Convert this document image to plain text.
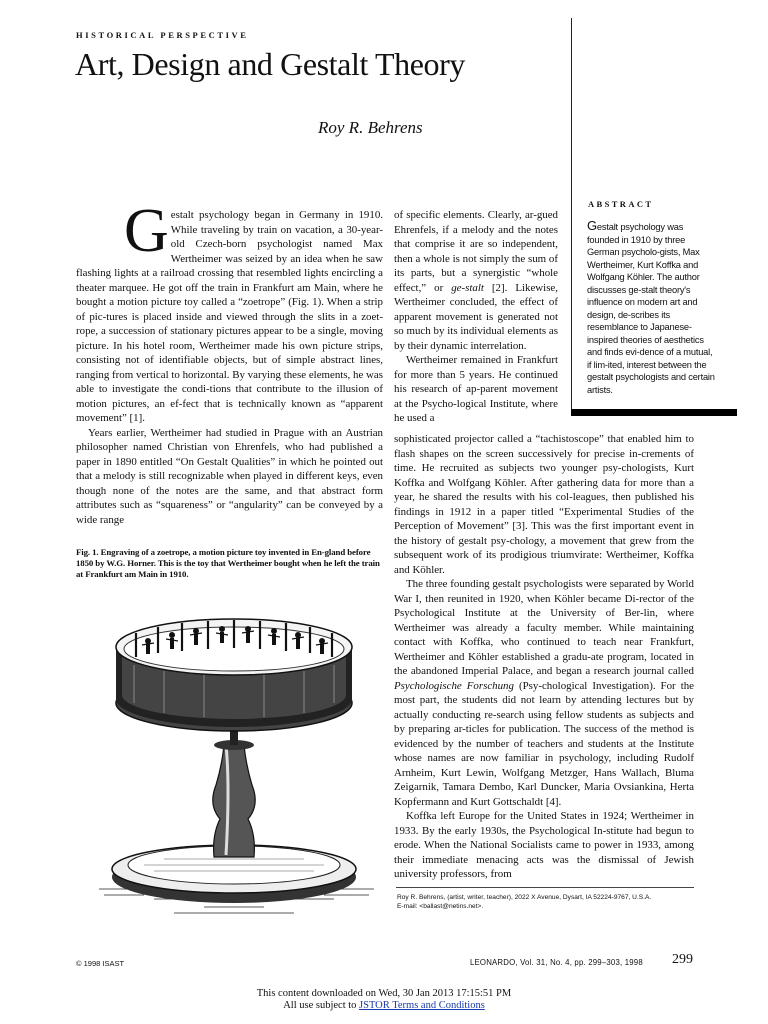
HISTORICAL PERSPECTIVE
Art, Design and Gestalt Theory
Roy R. Behrens
ABSTRACT
Gestalt psychology was founded in 1910 by three German psycholo-gists, Max Wertheimer, Kurt Koffka and Wolfgang Köhler. The author discusses ge-stalt theory's influence on modern art and design, de-scribes its resemblance to Japanese-inspired theories of aesthetics and finds evi-dence of a mutual, if lim-ited, interest between the gestalt psychologists and certain artists.

Gestalt psychology began in Germany in 1910. While traveling by train on vacation, a 30-year-old Czech-born psychologist named Max Wertheimer was seized by an idea when he saw flashing lights at a railroad crossing that resembled lights encircling a theater marquee. He got off the train in Frankfurt am Main, where he bought a motion picture toy called a “zoetrope” (Fig. 1). When a strip of pic-tures is placed inside and viewed through the slits in a zoet-rope, a succession of stationary pictures appear to be a single, moving picture. In his hotel room, Wertheimer made his own picture strips, consisting not of identifiable objects, but of simple abstract lines, ranging from vertical to horizontal. By varying these elements, he was able to investigate the condi-tions that contribute to the illusion of motion pictures, an ef-fect that is technically known as “apparent movement” [1].

Years earlier, Wertheimer had studied in Prague with an Austrian philosopher named Christian von Ehrenfels, who had published a paper in 1890 entitled “On Gestalt Qualities” in which he pointed out that a melody is still recognizable when played in different keys, even though none of the notes are the same, and that abstract form attributes such as “squareness” or “angularity” can be conveyed by a wide range

of specific elements. Clearly, ar-gued Ehrenfels, if a melody and the notes that comprise it are so independent, then a whole is not simply the sum of its parts, but a synergistic “whole effect,” or ge-stalt [2]. Likewise, Wertheimer concluded, the effect of apparent movement is generated not so much by its individual elements as by their dynamic interrelation.

Wertheimer remained in Frankfurt for more than 5 years. He continued his research of ap-parent movement at the Psycho-logical Institute, where he used a

sophisticated projector called a “tachistoscope” that enabled him to flash shapes on the screen successively for precise in-crements of time. He recruited as subjects two younger psy-chologists, Kurt Koffka and Wolfgang Köhler. After gathering data for more than a year, he shared the results with his col-leagues, then published his findings in 1912 in a paper titled “Experimental Studies of the Perception of Movement” [3]. This was the first important event in the history of gestalt psy-chology, a movement that grew from the subsequent work of its prodigious triumvirate: Wertheimer, Koffka and Köhler.

The three founding gestalt psychologists were separated by World War I, then reunited in 1920, when Köhler became Di-rector of the Psychological Institute at the University of Ber-lin, where Wertheimer was already a faculty member. While maintaining contact with Koffka, who continued to teach near Frankfurt, Wertheimer and Köhler established a gradu-ate program, located in the abandoned Imperial Palace, and began a research journal called Psychologische Forschung (Psy-chological Investigation). For the most part, the students did not learn by attending lectures but by actually conducting re-search using fellow students as subjects and by preparing ar-ticles for publication. The success of the method is evidenced by the number of teachers and students at the Institute whose names are now familiar in psychology, including Rudolf Arnheim, Kurt Lewin, Wolfgang Metzger, Hans Wallach, Bluma Zeigarnik, Tamara Dembo, Karl Duncker, Maria Ovsiankina, Herta Kopfermann and Kurt Gottschaldt [4].

Koffka left Europe for the United States in 1924; Wertheimer in 1933. By the early 1930s, the Psychological In-stitute had begun to erode. When the National Socialists came to power in 1933, among their immediate menacing acts was the dismissal of Jewish university professors, from

Fig. 1. Engraving of a zoetrope, a motion picture toy invented in En-gland before 1850 by W.G. Horner. This is the toy that Wertheimer bought when he left the train at Frankfurt am Main in 1910.
Roy R. Behrens, (artist, writer, teacher), 2022 X Avenue, Dysart, IA 52224-9767, U.S.A.
E-mail: <ballast@netins.net>.
© 1998 ISAST	LEONARDO, Vol. 31, No. 4, pp. 299–303, 1998 299
This content downloaded on Wed, 30 Jan 2013 17:15:51 PM
All use subject to JSTOR Terms and Conditions
